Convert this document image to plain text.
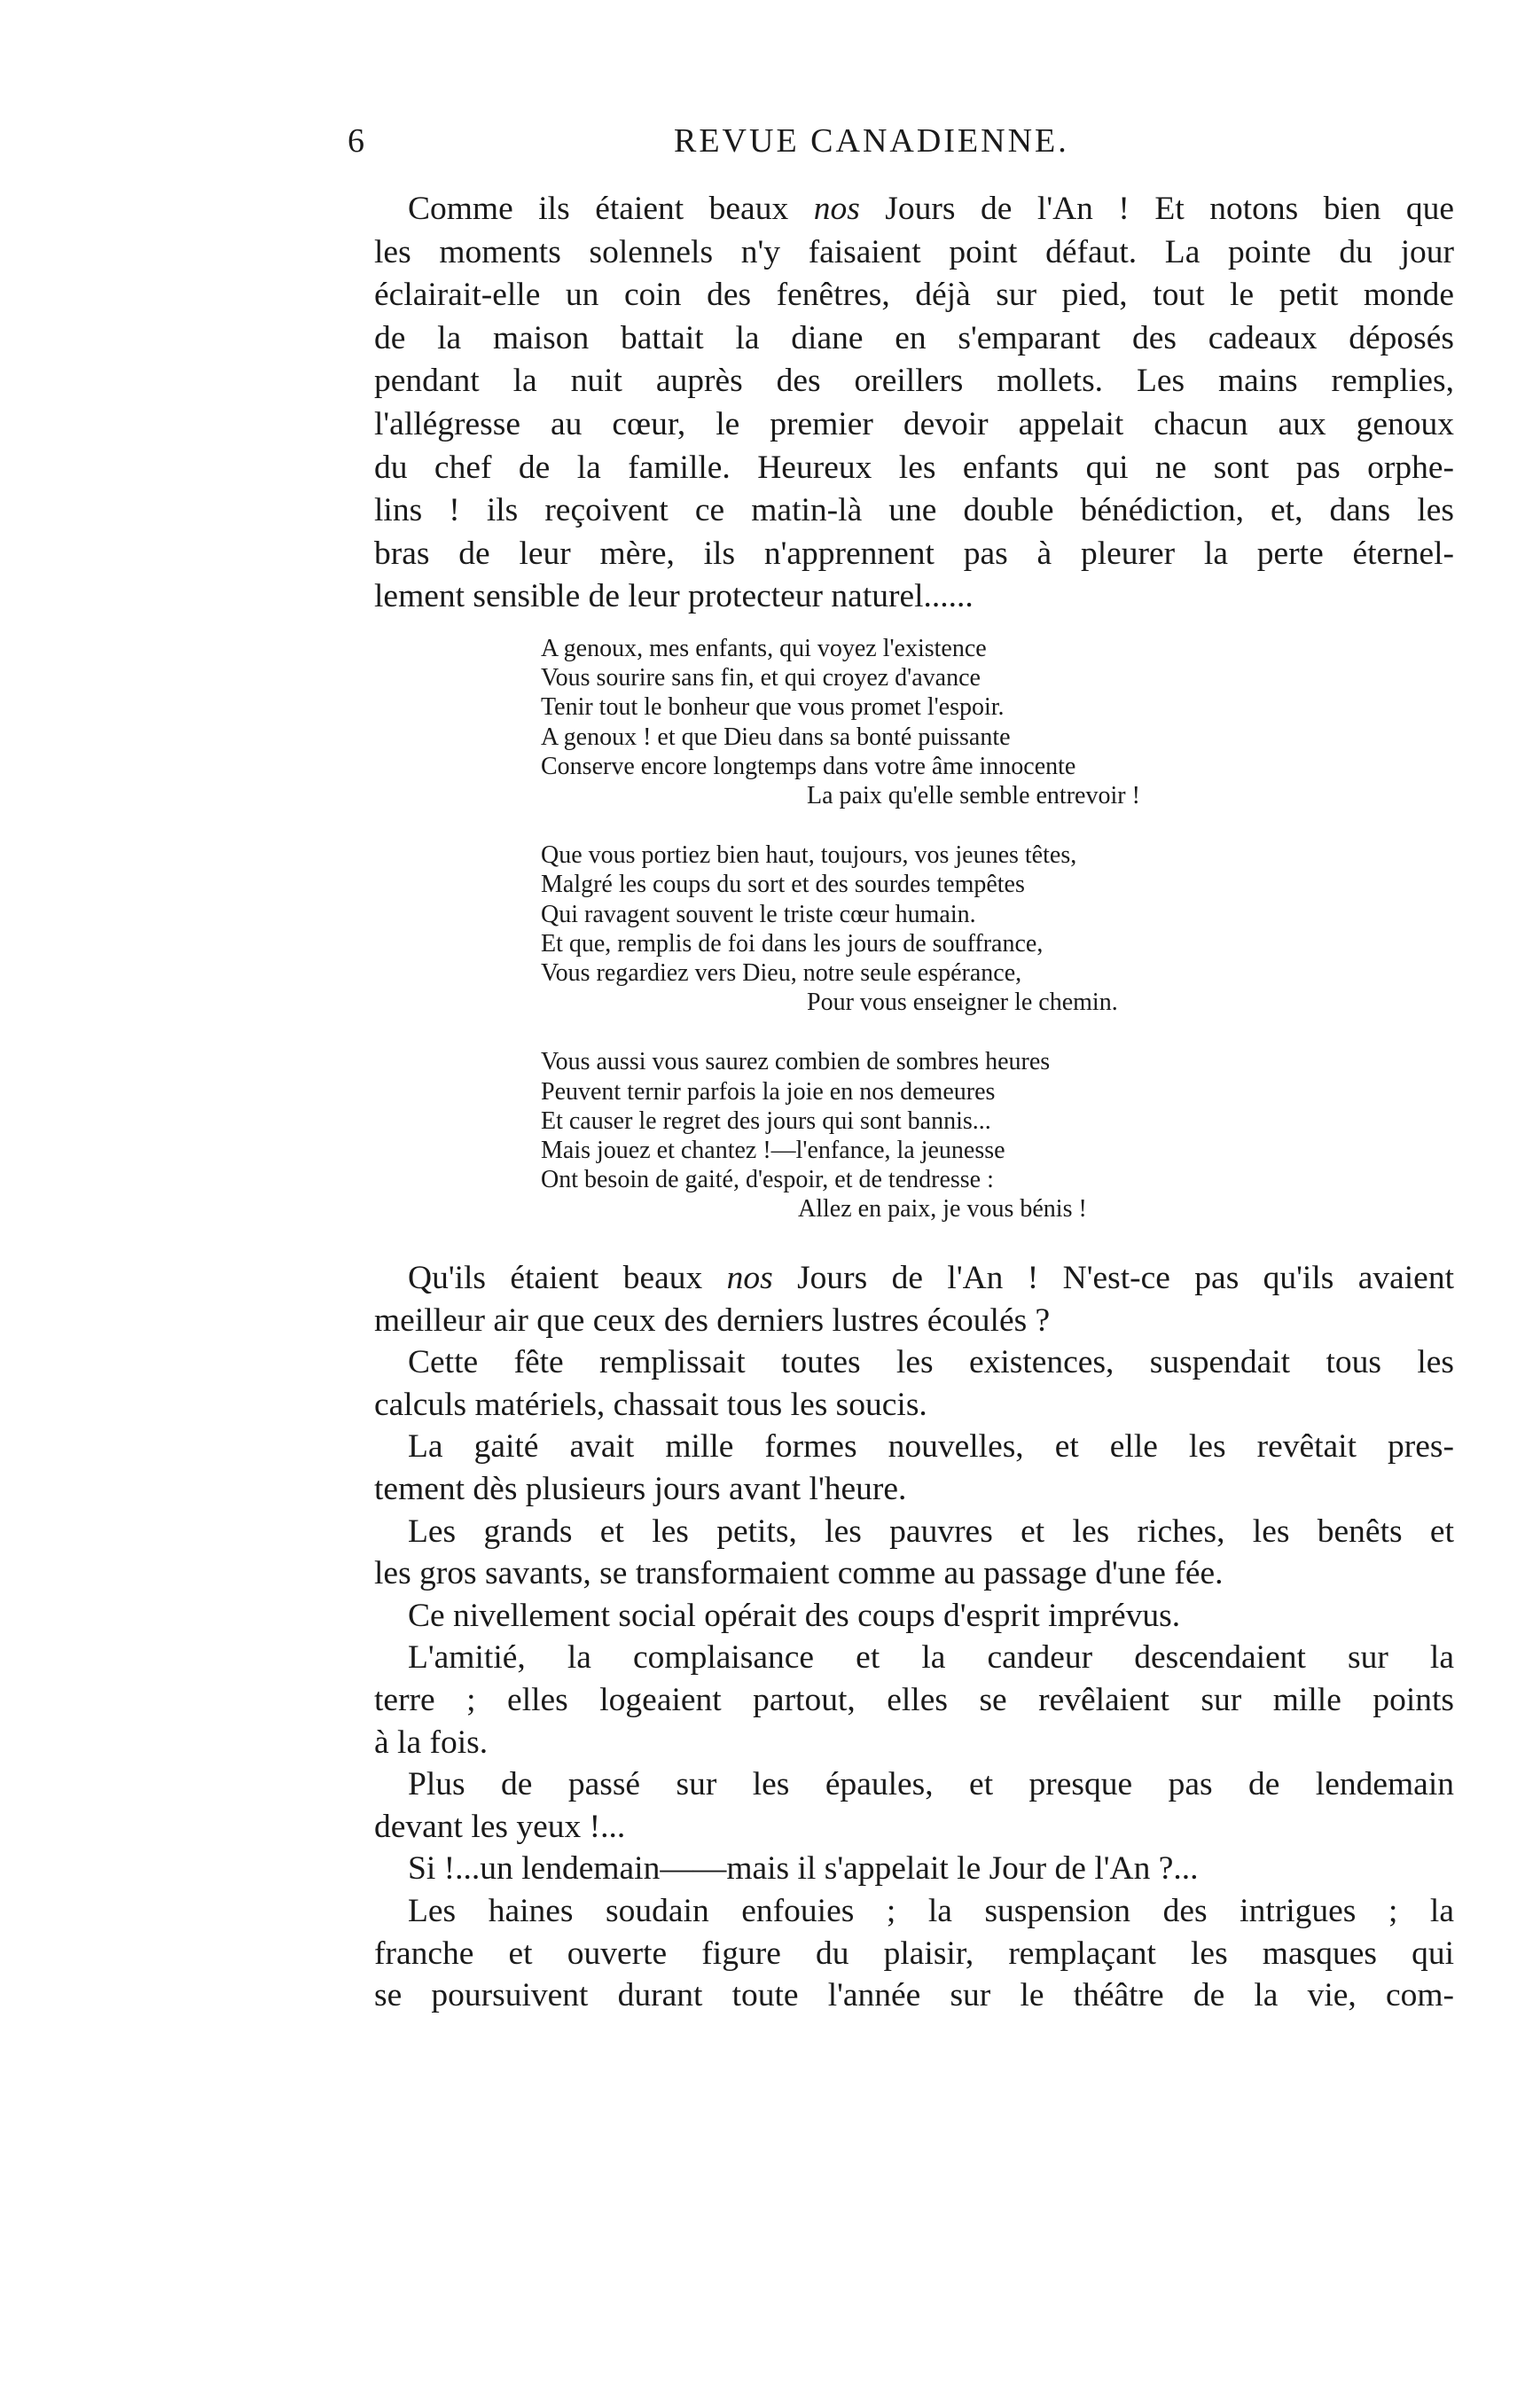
6	REVUE CANADIENNE.
Comme ils étaient beaux nos Jours de l'An ! Et notons bien que
les moments solennels n'y faisaient point défaut. La pointe du jour
éclairait-elle un coin des fenêtres, déjà sur pied, tout le petit monde
de la maison battait la diane en s'emparant des cadeaux déposés
pendant la nuit auprès des oreillers mollets. Les mains remplies,
l'allégresse au cœur, le premier devoir appelait chacun aux genoux
du chef de la famille. Heureux les enfants qui ne sont pas orphe-
lins ! ils reçoivent ce matin-là une double bénédiction, et, dans les
bras de leur mère, ils n'apprennent pas à pleurer la perte éternel-
lement sensible de leur protecteur naturel......
A genoux, mes enfants, qui voyez l'existence
Vous sourire sans fin, et qui croyez d'avance
Tenir tout le bonheur que vous promet l'espoir.
A genoux ! et que Dieu dans sa bonté puissante
Conserve encore longtemps dans votre âme innocente
La paix qu'elle semble entrevoir !
Que vous portiez bien haut, toujours, vos jeunes têtes,
Malgré les coups du sort et des sourdes tempêtes
Qui ravagent souvent le triste cœur humain.
Et que, remplis de foi dans les jours de souffrance,
Vous regardiez vers Dieu, notre seule espérance,
Pour vous enseigner le chemin.
Vous aussi vous saurez combien de sombres heures
Peuvent ternir parfois la joie en nos demeures
Et causer le regret des jours qui sont bannis...
Mais jouez et chantez !—l'enfance, la jeunesse
Ont besoin de gaité, d'espoir, et de tendresse :
Allez en paix, je vous bénis !
Qu'ils étaient beaux nos Jours de l'An ! N'est-ce pas qu'ils avaient
meilleur air que ceux des derniers lustres écoulés ?
Cette fête remplissait toutes les existences, suspendait tous les
calculs matériels, chassait tous les soucis.
La gaité avait mille formes nouvelles, et elle les revêtait pres-
tement dès plusieurs jours avant l'heure.
Les grands et les petits, les pauvres et les riches, les benêts et
les gros savants, se transformaient comme au passage d'une fée.
Ce nivellement social opérait des coups d'esprit imprévus.
L'amitié, la complaisance et la candeur descendaient sur la
terre ; elles logeaient partout, elles se revêlaient sur mille points
à la fois.
Plus de passé sur les épaules, et presque pas de lendemain
devant les yeux !...
Si !...un lendemain——mais il s'appelait le Jour de l'An ?...
Les haines soudain enfouies ; la suspension des intrigues ; la
franche et ouverte figure du plaisir, remplaçant les masques qui
se poursuivent durant toute l'année sur le théâtre de la vie, com-
